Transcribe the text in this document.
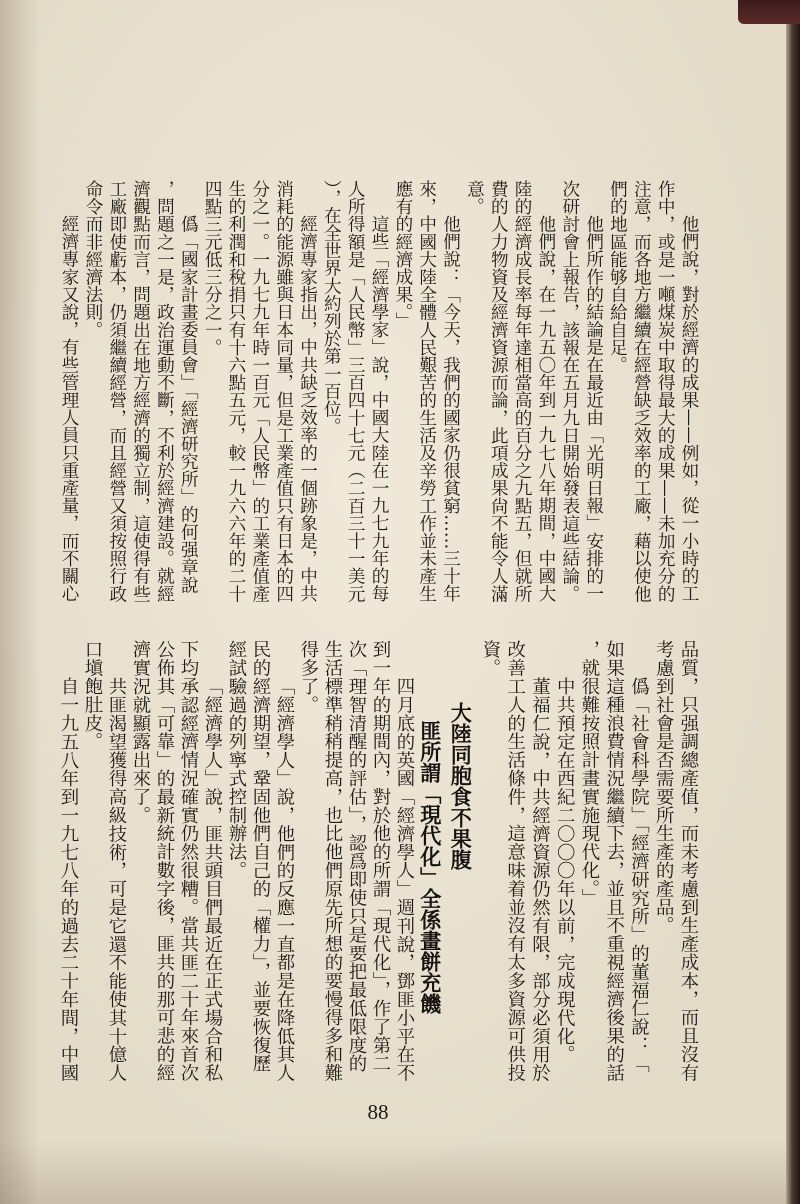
他們說，對於經濟的成果——例如，從一小時的工

作中，或是一噸煤炭中取得最大的成果——未加充分的

注意，而各地方繼續在經營缺乏效率的工廠，藉以使他

們的地區能够自給自足。

他們所作的結論是在最近由「光明日報」安排的一

次研討會上報告，該報在五月九日開始發表這些結論。

他們說，在一九五〇年到一九七八年期間，中國大

陸的經濟成長率每年達相當高的百分之九點五，但就所

費的人力物資及經濟資源而論，此項成果尙不能令人滿

意。

他們說：「今天，我們的國家仍很貧窮……三十年

來，中國大陸全體人民艱苦的生活及辛勞工作並未產生

應有的經濟成果。」

這些「經濟學家」說，中國大陸在一九七九年的每

人所得額是「人民幣」三百四十七元（二百三十一美元

），在全世界大約列於第一百位。

經濟專家指出，中共缺乏效率的一個跡象是，中共

消耗的能源雖與日本同量，但是工業產值只有日本的四

分之一。一九七九年時一百元「人民幣」的工業產值產

生的利潤和稅捐只有十六點五元，較一九六六年的二十

四點三元低三分之一。

僞「國家計畫委員會」「經濟研究所」的何强章說

，問題之一是，政治運動不斷，不利於經濟建設。就經

濟觀點而言，問題出在地方經濟的獨立制，這使得有些

工廠即使虧本，仍須繼續經營，而且經營又須按照行政

命令而非經濟法則。

經濟專家又說，有些管理人員只重產量，而不關心

品質，只强調總產值，而未考慮到生產成本，而且沒有

考慮到社會是否需要所生產的產品。

僞「社會科學院」「經濟研究所」的董福仁說：「

如果這種浪費情況繼續下去，並且不重視經濟後果的話

，就很難按照計畫實施現代化。」

中共預定在西紀二〇〇〇年以前，完成現代化。

董福仁說，中共經濟資源仍然有限，部分必須用於

改善工人的生活條件，這意味着並沒有太多資源可供投

資。

大陸同胞食不果腹
匪所謂「現代化」全係畫餅充饑

四月底的英國「經濟學人」週刊說，鄧匪小平在不

到一年的期間內，對於他的所謂「現代化」，作了第二

次「理智清醒的評估」，認爲即使只是要把最低限度的

生活標準稍稍提高，也比他們原先所想的要慢得多和難

得多了。

「經濟學人」說，他們的反應一直都是在降低其人

民的經濟期望，鞏固他們自己的「權力」，並要恢復歷

經試驗過的列寧式控制辦法。

「經濟學人」說，匪共頭目們最近在正式場合和私

下均承認經濟情況確實仍然很糟。當共匪二十年來首次

公佈其「可靠」的最新統計數字後，匪共的那可悲的經

濟實況就顯露出來了。

共匪渴望獲得高級技術，可是它還不能使其十億人

口塡飽肚皮。

自一九五八年到一九七八年的過去二十年間，中國

88
